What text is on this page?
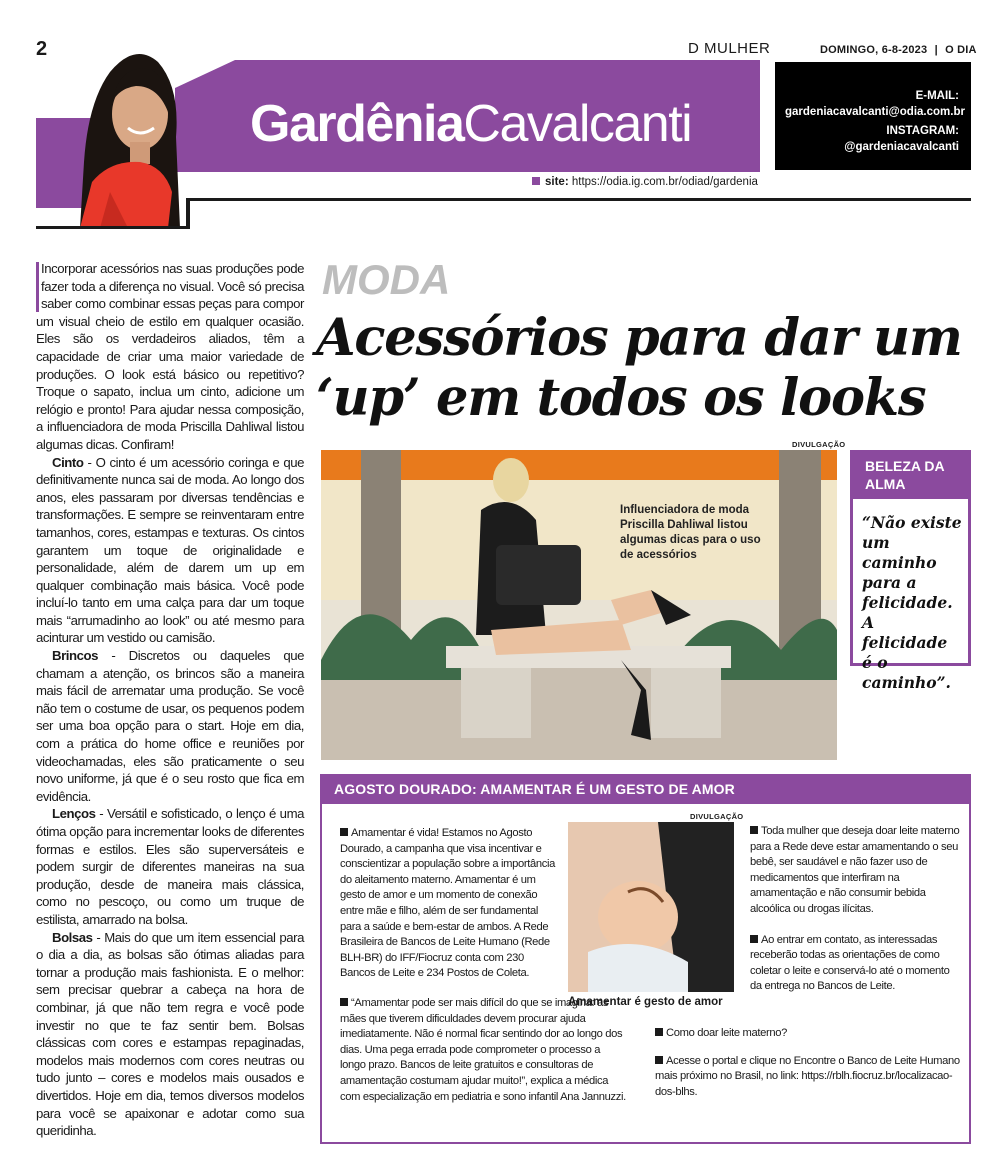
2	D MULHER	DOMINGO, 6-8-2023 | O DIA
GardêniaCavalcanti	E-MAIL:
gardeniacavalcanti@odia.com.br
INSTAGRAM:
@gardeniacavalcanti
site: https://odia.ig.com.br/odiad/gardenia

Incorporar acessórios nas suas produções pode fazer toda a diferença no visual. Você só precisa saber como combinar essas peças para compor um visual cheio de estilo em qualquer ocasião. Eles são os verdadeiros aliados, têm a capacidade de criar uma maior variedade de produções. O look está básico ou repetitivo? Troque o sapato, inclua um cinto, adicione um relógio e pronto! Para ajudar nessa composição, a influenciadora de moda Priscilla Dahliwal listou algumas dicas. Confiram!

Cinto - O cinto é um acessório coringa e que definitivamente nunca sai de moda. Ao longo dos anos, eles passaram por diversas tendências e transformações. E sempre se reinventaram entre tamanhos, cores, estampas e texturas. Os cintos garantem um toque de originalidade e personalidade, além de darem um up em qualquer combinação mais básica. Você pode incluí-lo tanto em uma calça para dar um toque mais “arrumadinho ao look” ou até mesmo para acinturar um vestido ou camisão.

Brincos - Discretos ou daqueles que chamam a atenção, os brincos são a maneira mais fácil de arrematar uma produção. Se você não tem o costume de usar, os pequenos podem ser uma boa opção para o start. Hoje em dia, com a prática do home office e reuniões por videochamadas, eles são praticamente o seu novo uniforme, já que é o seu rosto que fica em evidência.

Lenços - Versátil e sofisticado, o lenço é uma ótima opção para incrementar looks de diferentes formas e estilos. Eles são superversáteis e podem surgir de diferentes maneiras na sua produção, desde de maneira mais clássica, como no pescoço, ou como um truque de estilista, amarrado na bolsa.

Bolsas - Mais do que um item essencial para o dia a dia, as bolsas são ótimas aliadas para tornar a produção mais fashionista. E o melhor: sem precisar quebrar a cabeça na hora de combinar, já que não tem regra e você pode investir no que te faz sentir bem. Bolsas clássicas com cores e estampas repaginadas, modelos mais modernos com cores neutras ou tudo junto – cores e modelos mais ousados e divertidos. Hoje em dia, temos diversos modelos para você se apaixonar e adotar como sua queridinha.

MODA
Acessórios para dar um
‘up’ em todos os looks
DIVULGAÇÃO
Influenciadora de moda Priscilla Dahliwal listou algumas dicas para o uso de acessórios
BELEZA DA ALMA
“Não existe um caminho para a felicidade. A felicidade é o caminho”.
AGOSTO DOURADO: AMAMENTAR É UM GESTO DE AMOR

Amamentar é vida! Estamos no Agosto Dourado, a campanha que visa incentivar e conscientizar a população sobre a importância do aleitamento materno. Amamentar é um gesto de amor e um momento de conexão entre mãe e filho, além de ser fundamental para a saúde e bem-estar de ambos. A Rede Brasileira de Bancos de Leite Humano (Rede BLH-BR) do IFF/Fiocruz conta com 230 Bancos de Leite e 234 Postos de Coleta.

“Amamentar pode ser mais difícil do que se imagina: as mães que tiverem dificuldades devem procurar ajuda imediatamente. Não é normal ficar sentindo dor ao longo dos dias. Uma pega errada pode comprometer o processo a longo prazo. Bancos de leite gratuitos e consultoras de amamentação costumam ajudar muito!”, explica a médica com especialização em pediatria e sono infantil Ana Jannuzzi.

DIVULGAÇÃO
Amamentar é gesto de amor

Toda mulher que deseja doar leite materno para a Rede deve estar amamentando o seu bebê, ser saudável e não fazer uso de medicamentos que interfiram na amamentação e não consumir bebida alcoólica ou drogas ilícitas.

Ao entrar em contato, as interessadas receberão todas as orientações de como coletar o leite e conservá-lo até o momento da entrega no Bancos de Leite.

Como doar leite materno?

Acesse o portal e clique no Encontre o Banco de Leite Humano mais próximo no Brasil, no link: https://rblh.fiocruz.br/localizacao-dos-blhs.
